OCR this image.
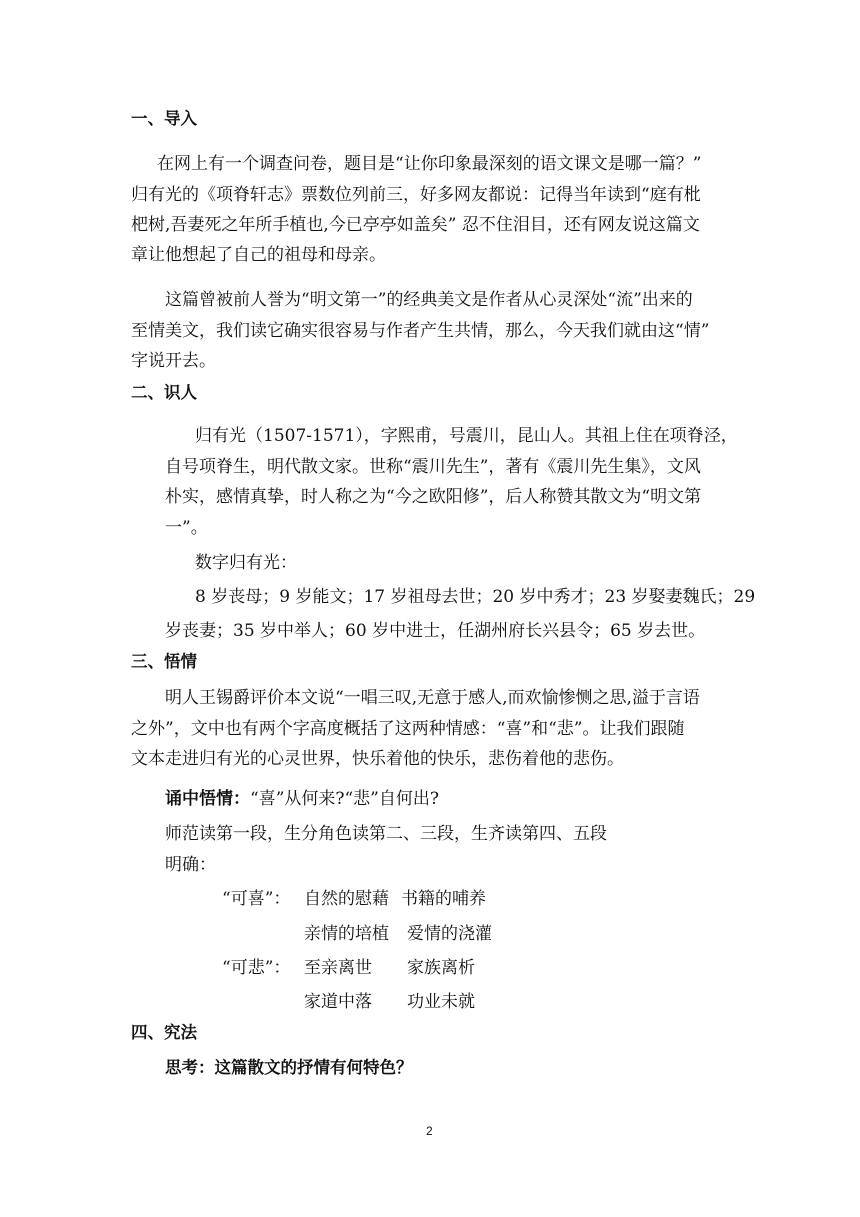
一、导入
在网上有一个调查问卷，题目是“让你印象最深刻的语文课文是哪一篇？”
归有光的《项脊轩志》票数位列前三，好多网友都说：记得当年读到“庭有枇
杷树,吾妻死之年所手植也,今已亭亭如盖矣” 忍不住泪目，还有网友说这篇文
章让他想起了自己的祖母和母亲。
这篇曾被前人誉为“明文第一”的经典美文是作者从心灵深处“流”出来的
至情美文，我们读它确实很容易与作者产生共情，那么，今天我们就由这“情”
字说开去。
二、识人
归有光（1507-1571），字熙甫，号震川，昆山人。其祖上住在项脊泾，
自号项脊生，明代散文家。世称“震川先生”，著有《震川先生集》，文风
朴实，感情真挚，时人称之为“今之欧阳修”，后人称赞其散文为“明文第
一”。
数字归有光：
8 岁丧母；9 岁能文；17 岁祖母去世；20 岁中秀才；23 岁娶妻魏氏；29
岁丧妻；35 岁中举人；60 岁中进士，任湖州府长兴县令；65 岁去世。
三、悟情
明人王锡爵评价本文说“一唱三叹,无意于感人,而欢愉惨恻之思,溢于言语
之外”，文中也有两个字高度概括了这两种情感：“喜”和“悲”。让我们跟随
文本走进归有光的心灵世界，快乐着他的快乐，悲伤着他的悲伤。
诵中悟情：“喜”从何来?“悲”自何出?
师范读第一段，生分角色读第二、三段，生齐读第四、五段
明确：
“可喜”： 自然的慰藉 书籍的哺养
亲情的培植 爱情的浇灌
“可悲”： 至亲离世 家族离析
家道中落 功业未就
四、究法
思考：这篇散文的抒情有何特色？
2
